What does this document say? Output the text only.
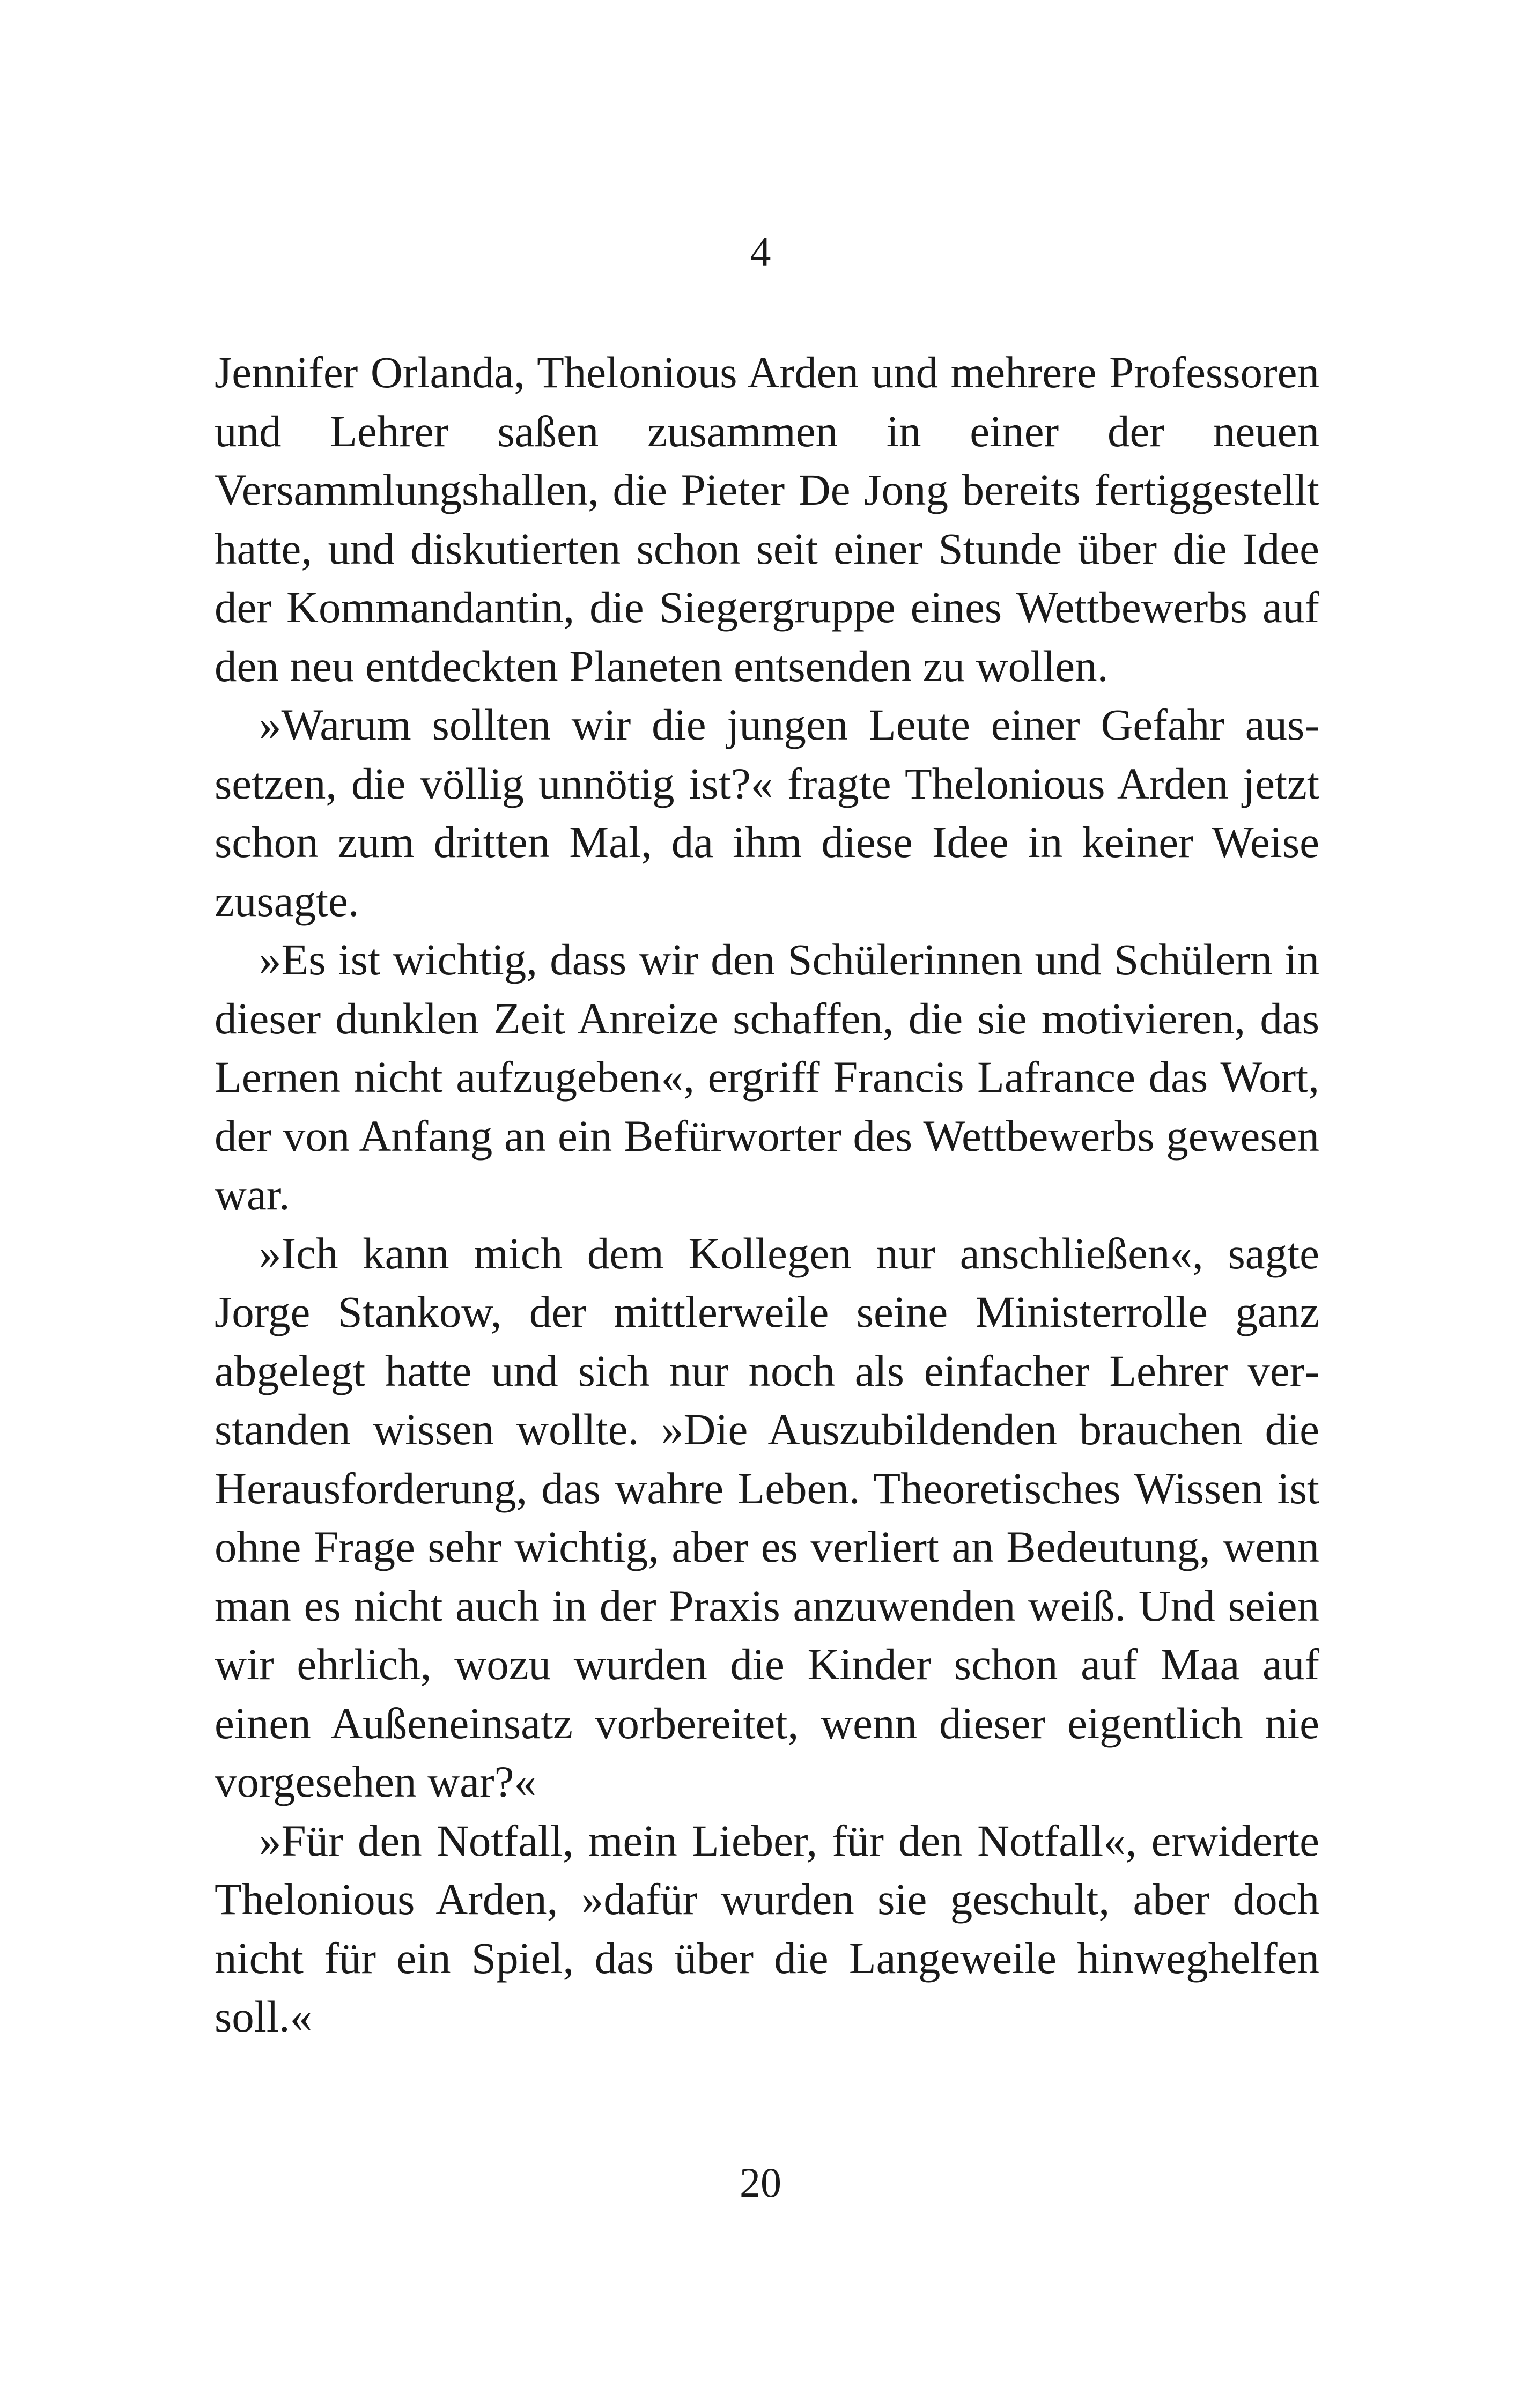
4

Jennifer Orlanda, Thelonious Arden und mehrere Professoren und Lehrer saßen zusammen in einer der neuen Versammlungshallen, die Pieter De Jong bereits fertiggestellt hatte, und diskutierten schon seit einer Stunde über die Idee der Kommandantin, die Siegergruppe eines Wettbewerbs auf den neu entdeckten Planeten entsenden zu wollen.

»Warum sollten wir die jungen Leute einer Gefahr aussetzen, die völlig unnötig ist?« fragte Thelonious Arden jetzt schon zum dritten Mal, da ihm diese Idee in keiner Weise zusagte.

»Es ist wichtig, dass wir den Schülerinnen und Schülern in dieser dunklen Zeit Anreize schaffen, die sie motivieren, das Lernen nicht aufzugeben«, ergriff Francis Lafrance das Wort, der von Anfang an ein Befürworter des Wettbewerbs gewesen war.

»Ich kann mich dem Kollegen nur anschließen«, sagte Jorge Stankow, der mittlerweile seine Ministerrolle ganz abgelegt hatte und sich nur noch als einfacher Lehrer verstanden wissen wollte. »Die Auszubildenden brauchen die Herausforderung, das wahre Leben. Theoretisches Wissen ist ohne Frage sehr wichtig, aber es verliert an Bedeutung, wenn man es nicht auch in der Praxis anzuwenden weiß. Und seien wir ehrlich, wozu wurden die Kinder schon auf Maa auf einen Außeneinsatz vorbereitet, wenn dieser eigentlich nie vorgesehen war?«

»Für den Notfall, mein Lieber, für den Notfall«, erwiderte Thelonious Arden, »dafür wurden sie geschult, aber doch nicht für ein Spiel, das über die Langeweile hinweghelfen soll.«

20
